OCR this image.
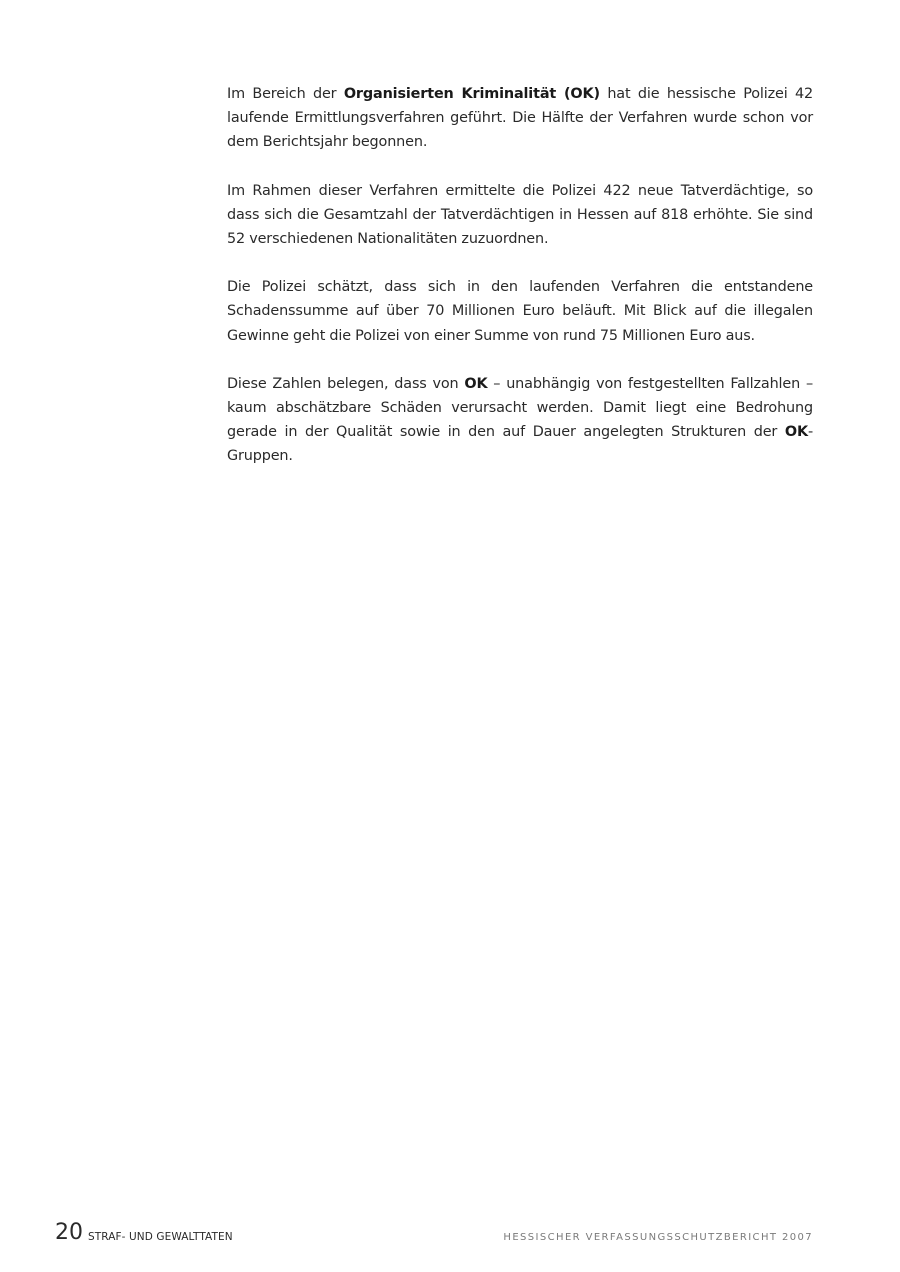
Im Bereich der Organisierten Kriminalität (OK) hat die hessische Polizei 42 laufende Ermittlungsverfahren geführt. Die Hälfte der Verfahren wurde schon vor dem Berichtsjahr begonnen.

Im Rahmen dieser Verfahren ermittelte die Polizei 422 neue Tatverdächtige, so dass sich die Gesamtzahl der Tatverdächtigen in Hessen auf 818 erhöhte. Sie sind 52 verschiedenen Nationalitäten zuzuordnen.

Die Polizei schätzt, dass sich in den laufenden Verfahren die entstandene Schadenssumme auf über 70 Millionen Euro beläuft. Mit Blick auf die illegalen Gewinne geht die Polizei von einer Summe von rund 75 Millionen Euro aus.

Diese Zahlen belegen, dass von OK – unabhängig von festgestellten Fallzahlen – kaum abschätzbare Schäden verursacht werden. Damit liegt eine Bedrohung gerade in der Qualität sowie in den auf Dauer angelegten Strukturen der OK-Gruppen.

20 STRAF- UND GEWALTTATEN	HESSISCHER VERFASSUNGSSCHUTZBERICHT 2007
